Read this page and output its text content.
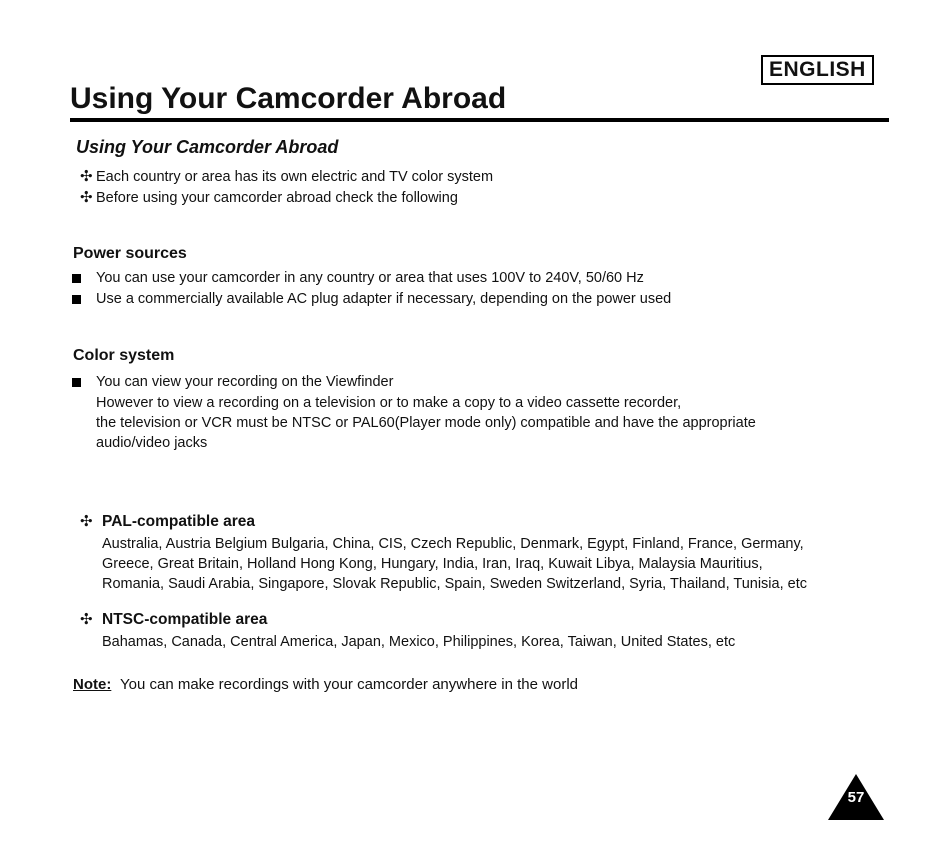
ENGLISH
Using Your Camcorder Abroad
Using Your Camcorder Abroad
✣ Each country or area has its own electric and TV color system

✣ Before using your camcorder abroad check the following

Power sources

You can use your camcorder in any country or area that uses 100V to 240V, 50/60 Hz

Use a commercially available AC plug adapter if necessary, depending on the power used

Color system

You can view your recording on the Viewfinder

However to view a recording on a television or to make a copy to a video cassette recorder,

the television or VCR must be NTSC or PAL60(Player mode only) compatible and have the appropriate

audio/video jacks

✣ PAL-compatible area

Australia, Austria Belgium Bulgaria, China, CIS, Czech Republic, Denmark, Egypt, Finland, France, Germany,

Greece, Great Britain, Holland Hong Kong, Hungary, India, Iran, Iraq, Kuwait Libya, Malaysia Mauritius,

Romania, Saudi Arabia, Singapore, Slovak Republic, Spain, Sweden Switzerland, Syria, Thailand, Tunisia, etc

✣ NTSC-compatible area

Bahamas, Canada, Central America, Japan, Mexico, Philippines, Korea, Taiwan, United States, etc

Note: You can make recordings with your camcorder anywhere in the world
57
